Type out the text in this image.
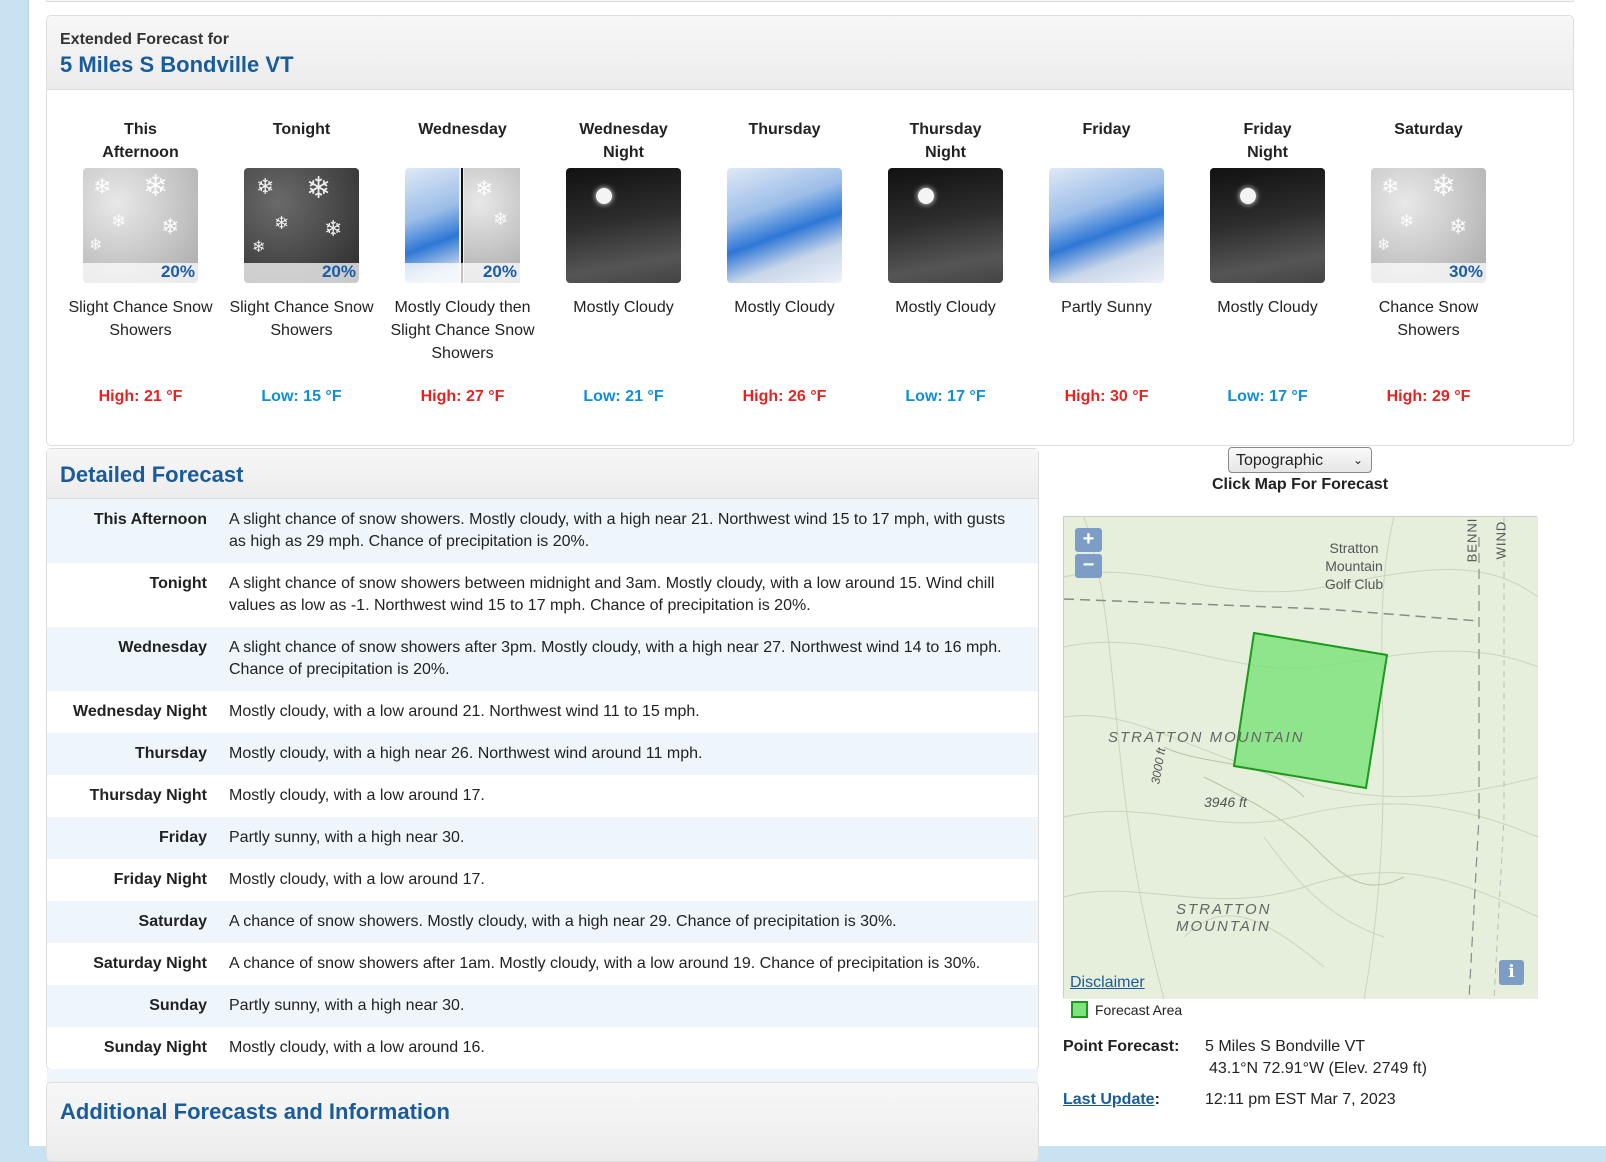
Extended Forecast for
5 Miles S Bondville VT
This
Afternoon
❄ ❄
❄ ❄
❄
20%
Slight Chance Snow Showers
High: 21 °F
Tonight

❄ ❄
❄ ❄
❄
20%
Slight Chance Snow Showers
Low: 15 °F
Wednesday

❄
❄
20%
Mostly Cloudy then Slight Chance Snow Showers
High: 27 °F
Wednesday
Night
Mostly Cloudy
Low: 21 °F
Thursday

Mostly Cloudy
High: 26 °F
Thursday
Night
Mostly Cloudy
Low: 17 °F
Friday

Partly Sunny
High: 30 °F
Friday
Night
Mostly Cloudy
Low: 17 °F
Saturday

❄ ❄
❄ ❄
❄
30%
Chance Snow Showers
High: 29 °F
Detailed Forecast
This Afternoon	A slight chance of snow showers. Mostly cloudy, with a high near 21. Northwest wind 15 to 17 mph, with gusts as high as 29 mph. Chance of precipitation is 20%.
Tonight	A slight chance of snow showers between midnight and 3am. Mostly cloudy, with a low around 15. Wind chill values as low as -1. Northwest wind 15 to 17 mph. Chance of precipitation is 20%.
Wednesday	A slight chance of snow showers after 3pm. Mostly cloudy, with a high near 27. Northwest wind 14 to 16 mph. Chance of precipitation is 20%.
Wednesday Night	Mostly cloudy, with a low around 21. Northwest wind 11 to 15 mph.
Thursday	Mostly cloudy, with a high near 26. Northwest wind around 11 mph.
Thursday Night	Mostly cloudy, with a low around 17.
Friday	Partly sunny, with a high near 30.
Friday Night	Mostly cloudy, with a low around 17.
Saturday	A chance of snow showers. Mostly cloudy, with a high near 29. Chance of precipitation is 30%.
Saturday Night	A chance of snow showers after 1am. Mostly cloudy, with a low around 19. Chance of precipitation is 30%.
Sunday	Partly sunny, with a high near 30.
Sunday Night	Mostly cloudy, with a low around 16.
Additional Forecasts and Information
Topographic ⌄
Click Map For Forecast
Stratton
Mountain
Golf Club
STRATTON MOUNTAIN
STRATTON
MOUNTAIN
3946 ft
3000 ft
BENNI WIND
+
−
i
Disclaimer
Forecast Area
Point Forecast: 5 Miles S Bondville VT
43.1°N 72.91°W (Elev. 2749 ft)
Last Update:	12:11 pm EST Mar 7, 2023
